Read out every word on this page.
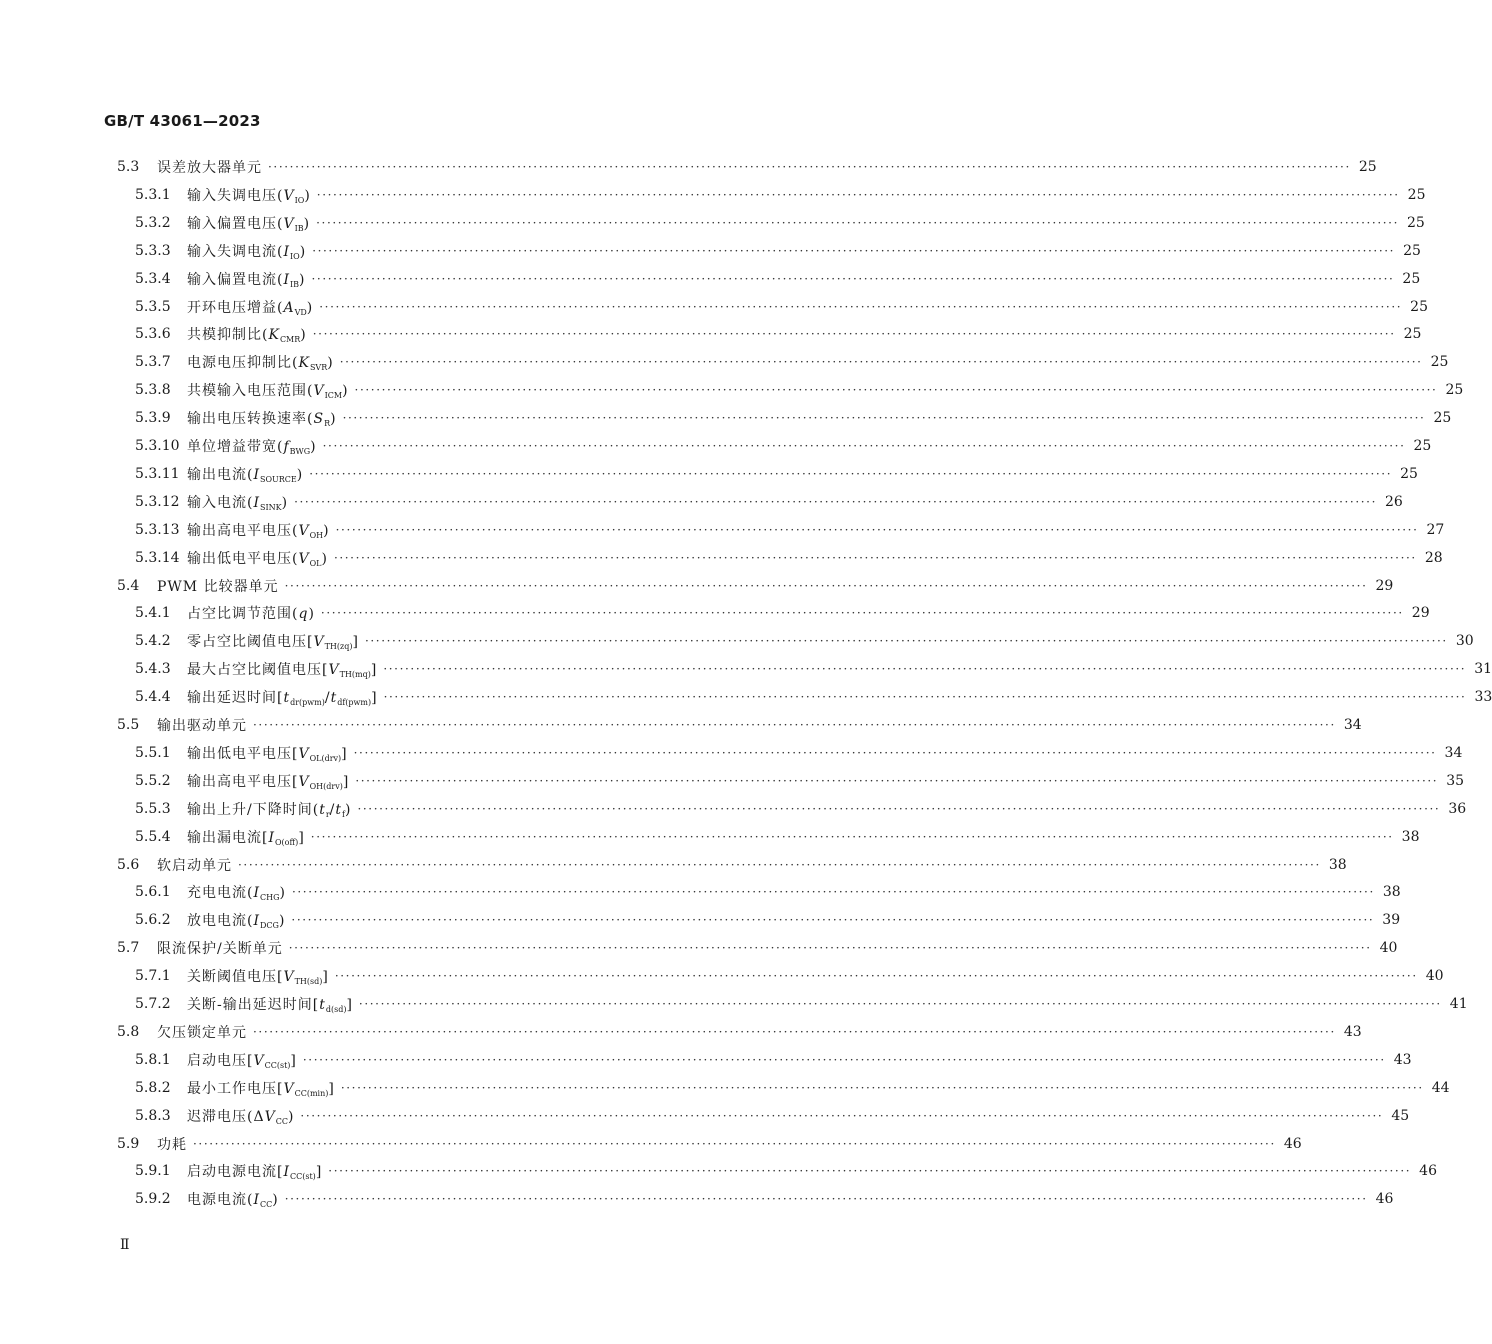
GB/T 43061—2023
5.3	误差放大器单元 ········································································································································································································ 25
5.3.1	输入失调电压$(V_{IO})$ ········································································································································································································ 25
5.3.2	输入偏置电压$(V_{IB})$ ········································································································································································································ 25
5.3.3	输入失调电流$(I_{IO})$ ········································································································································································································ 25
5.3.4	输入偏置电流$(I_{IB})$ ········································································································································································································ 25
5.3.5	开环电压增益$(A_{VD})$ ········································································································································································································ 25
5.3.6	共模抑制比$(K_{CMR})$ ········································································································································································································ 25
5.3.7	电源电压抑制比$(K_{SVR})$ ········································································································································································································ 25
5.3.8	共模输入电压范围$(V_{ICM})$ ········································································································································································································ 25
5.3.9	输出电压转换速率$(S_R)$ ········································································································································································································ 25
5.3.10 单位增益带宽$(f_{BWG})$ ········································································································································································································ 25
5.3.11 输出电流$(I_{SOURCE})$ ········································································································································································································ 25
5.3.12 输入电流$(I_{SINK})$ ········································································································································································································ 26
5.3.13 输出高电平电压$(V_{OH})$ ········································································································································································································ 27
5.3.14 输出低电平电压$(V_{OL})$ ········································································································································································································ 28
5.4	PWM 比较器单元 ········································································································································································································ 29
5.4.1	占空比调节范围(q) ········································································································································································································ 29
5.4.2	零占空比阈值电压$[V_{TH(zq)}]$ ········································································································································································································ 30
5.4.3	最大占空比阈值电压$[V_{TH(mq)}]$ ········································································································································································································ 31
5.4.4	输出延迟时间$[t_{dr(pwm)}/t_{df(pwm)}]$ ········································································································································································································ 33
5.5	输出驱动单元 ········································································································································································································ 34
5.5.1	输出低电平电压$[V_{OL(drv)}]$ ········································································································································································································ 34
5.5.2	输出高电平电压$[V_{OH(drv)}]$ ········································································································································································································ 35
5.5.3	输出上升/下降时间$(t_r/t_f)$ ········································································································································································································ 36
5.5.4	输出漏电流$[I_{O(off)}]$ ········································································································································································································ 38
5.6	软启动单元 ········································································································································································································ 38
5.6.1	充电电流$(I_{CHG})$ ········································································································································································································ 38
5.6.2	放电电流$(I_{DCG})$ ········································································································································································································ 39
5.7	限流保护/关断单元 ········································································································································································································ 40
5.7.1	关断阈值电压$[V_{TH(sd)}]$ ········································································································································································································ 40
5.7.2	关断-输出延迟时间$[t_{d(sd)}]$ ········································································································································································································ 41
5.8	欠压锁定单元 ········································································································································································································ 43
5.8.1	启动电压$[V_{CC(st)}]$ ········································································································································································································ 43
5.8.2	最小工作电压$[V_{CC(min)}]$ ········································································································································································································ 44
5.8.3	迟滞电压$(\Delta V_{CC})$ ········································································································································································································ 45
5.9	功耗 ········································································································································································································ 46
5.9.1	启动电源电流$[I_{CC(st)}]$ ········································································································································································································ 46
5.9.2	电源电流$(I_{CC})$ ········································································································································································································ 46
Ⅱ
